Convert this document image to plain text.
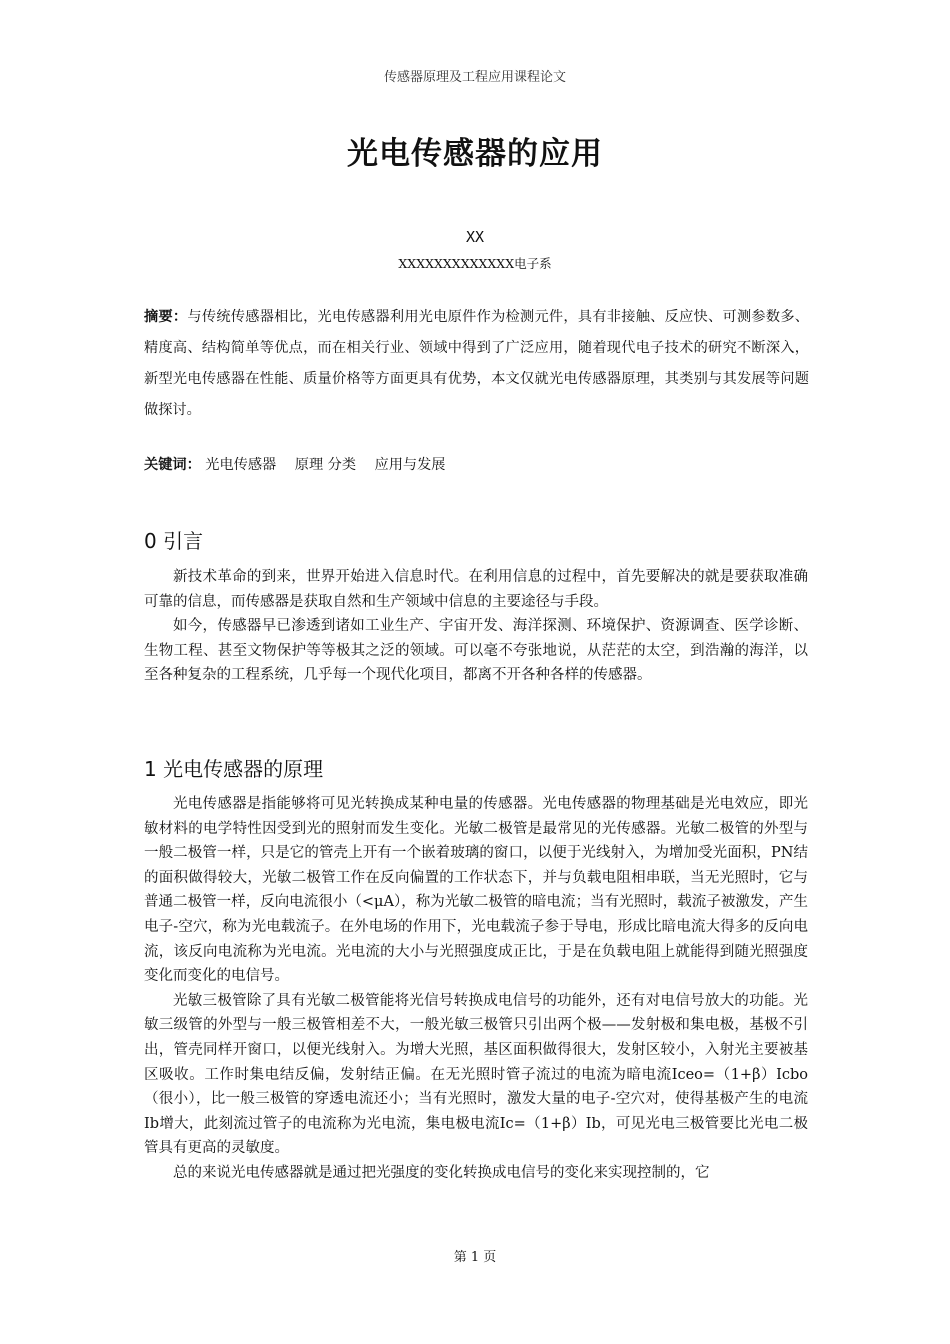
传感器原理及工程应用课程论文
光电传感器的应用
XX
XXXXXXXXXXXXX电子系
摘要：与传统传感器相比，光电传感器利用光电原件作为检测元件，具有非接触、反应快、可测参数多、精度高、结构简单等优点，而在相关行业、领域中得到了广泛应用，随着现代电子技术的研究不断深入，新型光电传感器在性能、质量价格等方面更具有优势，本文仅就光电传感器原理，其类别与其发展等问题做探讨。
关键词： 光电传感器 原理 分类 应用与发展
0 引言

新技术革命的到来，世界开始进入信息时代。在利用信息的过程中，首先要解决的就是要获取准确可靠的信息，而传感器是获取自然和生产领域中信息的主要途径与手段。

如今，传感器早已渗透到诸如工业生产、宇宙开发、海洋探测、环境保护、资源调查、医学诊断、生物工程、甚至文物保护等等极其之泛的领域。可以毫不夸张地说，从茫茫的太空，到浩瀚的海洋，以至各种复杂的工程系统，几乎每一个现代化项目，都离不开各种各样的传感器。

1 光电传感器的原理

光电传感器是指能够将可见光转换成某种电量的传感器。光电传感器的物理基础是光电效应，即光敏材料的电学特性因受到光的照射而发生变化。光敏二极管是最常见的光传感器。光敏二极管的外型与一般二极管一样，只是它的管壳上开有一个嵌着玻璃的窗口，以便于光线射入，为增加受光面积，PN结的面积做得较大，光敏二极管工作在反向偏置的工作状态下，并与负载电阻相串联，当无光照时，它与普通二极管一样，反向电流很小（<μA），称为光敏二极管的暗电流；当有光照时，载流子被激发，产生电子-空穴，称为光电载流子。在外电场的作用下，光电载流子参于导电，形成比暗电流大得多的反向电流，该反向电流称为光电流。光电流的大小与光照强度成正比，于是在负载电阻上就能得到随光照强度变化而变化的电信号。

光敏三极管除了具有光敏二极管能将光信号转换成电信号的功能外，还有对电信号放大的功能。光敏三级管的外型与一般三极管相差不大，一般光敏三极管只引出两个极——发射极和集电极，基极不引出，管壳同样开窗口，以便光线射入。为增大光照，基区面积做得很大，发射区较小，入射光主要被基区吸收。工作时集电结反偏，发射结正偏。在无光照时管子流过的电流为暗电流Iceo=（1+β）Icbo（很小），比一般三极管的穿透电流还小；当有光照时，激发大量的电子-空穴对，使得基极产生的电流Ib增大，此刻流过管子的电流称为光电流，集电极电流Ic=（1+β）Ib，可见光电三极管要比光电二极管具有更高的灵敏度。

总的来说光电传感器就是通过把光强度的变化转换成电信号的变化来实现控制的，它

第 1 页
